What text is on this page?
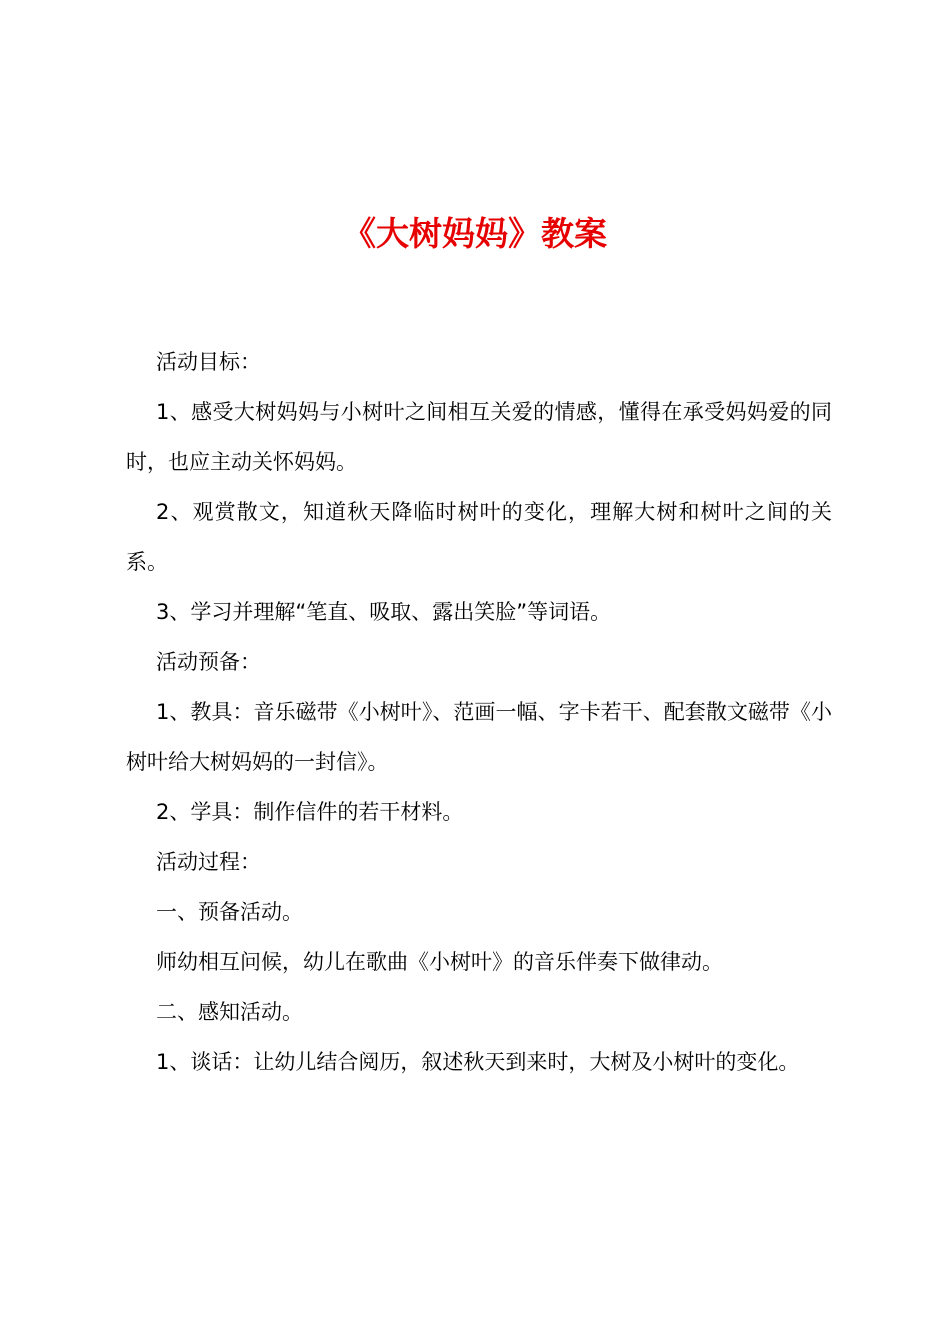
《大树妈妈》教案

活动目标：

1、感受大树妈妈与小树叶之间相互关爱的情感，懂得在承受妈妈爱的同时，也应主动关怀妈妈。

2、观赏散文，知道秋天降临时树叶的变化，理解大树和树叶之间的关系。

3、学习并理解“笔直、吸取、露出笑脸”等词语。

活动预备：

1、教具：音乐磁带《小树叶》、范画一幅、字卡若干、配套散文磁带《小树叶给大树妈妈的一封信》。

2、学具：制作信件的若干材料。

活动过程：

一、预备活动。

师幼相互问候，幼儿在歌曲《小树叶》的音乐伴奏下做律动。

二、感知活动。

1、谈话：让幼儿结合阅历，叙述秋天到来时，大树及小树叶的变化。
